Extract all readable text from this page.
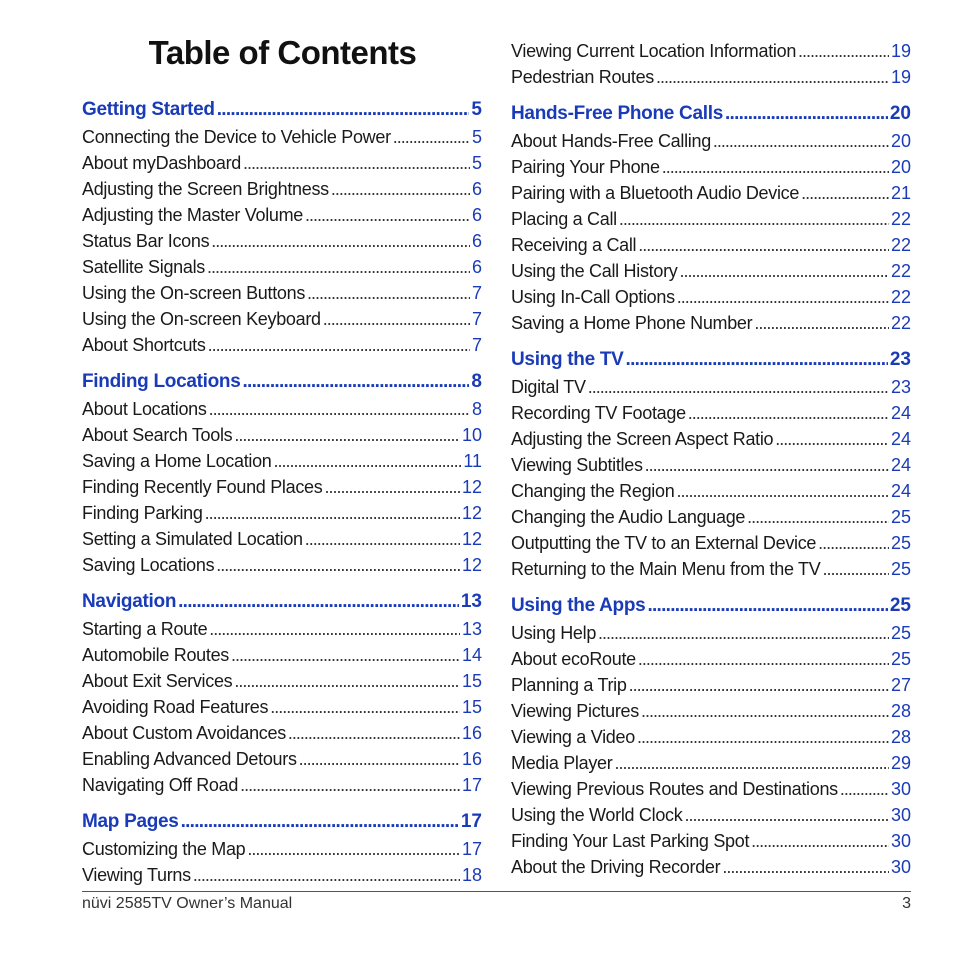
Table of Contents
Getting Started . . .	5
Connecting the Device to Vehicle Power . . .	5
About myDashboard . . .	5
Adjusting the Screen Brightness . . .	6
Adjusting the Master Volume . . .	6
Status Bar Icons . . .	6
Satellite Signals . . .	6
Using the On-screen Buttons . . .	7
Using the On-screen Keyboard . . .	7
About Shortcuts . . .	7
Finding Locations . . .	8
About Locations . . .	8
About Search Tools . . .	10
Saving a Home Location . . .	11
Finding Recently Found Places . . .	12
Finding Parking . . .	12
Setting a Simulated Location . . .	12
Saving Locations . . .	12
Navigation . . .	13
Starting a Route . . .	13
Automobile Routes . . .	14
About Exit Services . . .	15
Avoiding Road Features . . .	15
About Custom Avoidances . . .	16
Enabling Advanced Detours . . .	16
Navigating Off Road . . .	17
Map Pages . . .	17
Customizing the Map . . .	17
Viewing Turns . . .	18
Viewing Current Location Information . . .	19
Pedestrian Routes . . .	19
Hands-Free Phone Calls . . .	20
About Hands-Free Calling . . .	20
Pairing Your Phone . . .	20
Pairing with a Bluetooth Audio Device . . .	21
Placing a Call . . .	22
Receiving a Call . . .	22
Using the Call History . . .	22
Using In-Call Options . . .	22
Saving a Home Phone Number . . .	22
Using the TV . . .	23
Digital TV . . .	23
Recording TV Footage . . .	24
Adjusting the Screen Aspect Ratio . . .	24
Viewing Subtitles . . .	24
Changing the Region . . .	24
Changing the Audio Language . . .	25
Outputting the TV to an External Device . . .	25
Returning to the Main Menu from the TV . . .	25
Using the Apps . . .	25
Using Help . . .	25
About ecoRoute . . .	25
Planning a Trip . . .	27
Viewing Pictures . . .	28
Viewing a Video . . .	28
Media Player . . .	29
Viewing Previous Routes and Destinations . . .	30
Using the World Clock . . .	30
Finding Your Last Parking Spot . . .	30
About the Driving Recorder . . .	30
nüvi 2585TV Owner’s Manual	3
